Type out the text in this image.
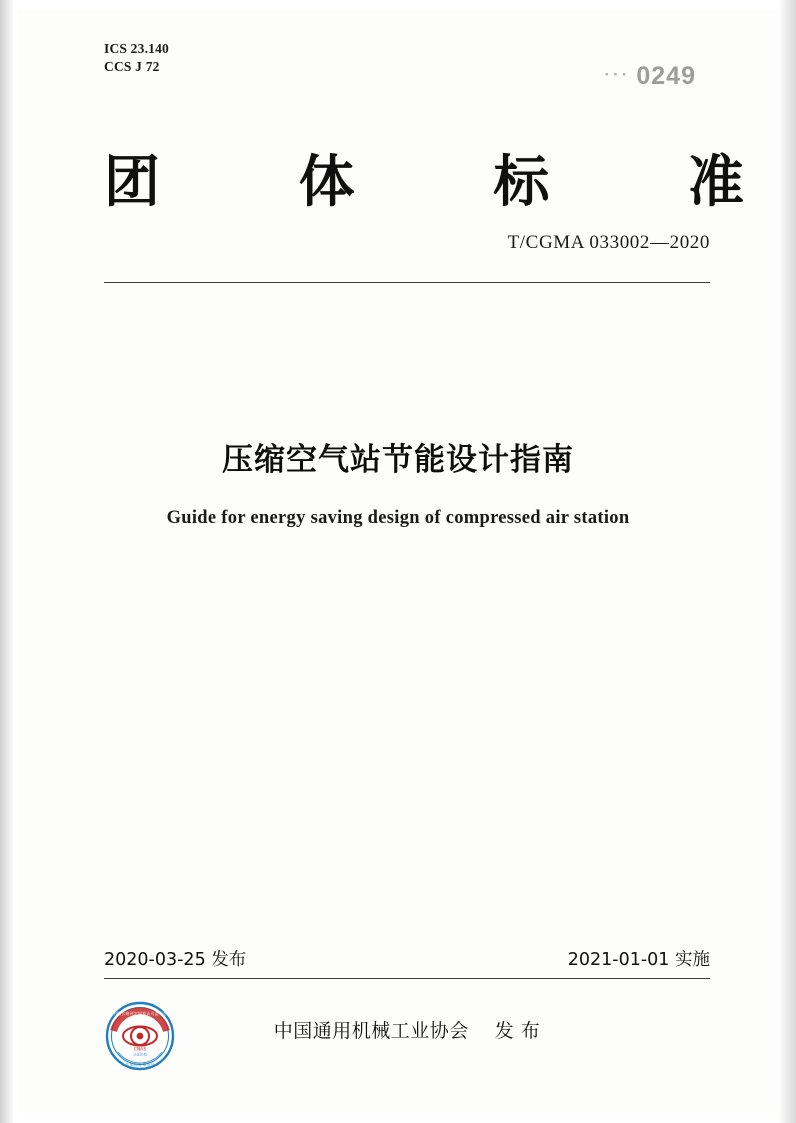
ICS 23.140
CCS J 72	··· 0249
团 体 标 准
T/CGMA 033002—2020
压缩空气站节能设计指南
Guide for energy saving design of compressed air station
2020-03-25 发布	2021-01-01 实施
中国合格评定国家认可委员会
CNAS
认证机构
认证机构 审查员
中国通用机械工业协会 发 布
